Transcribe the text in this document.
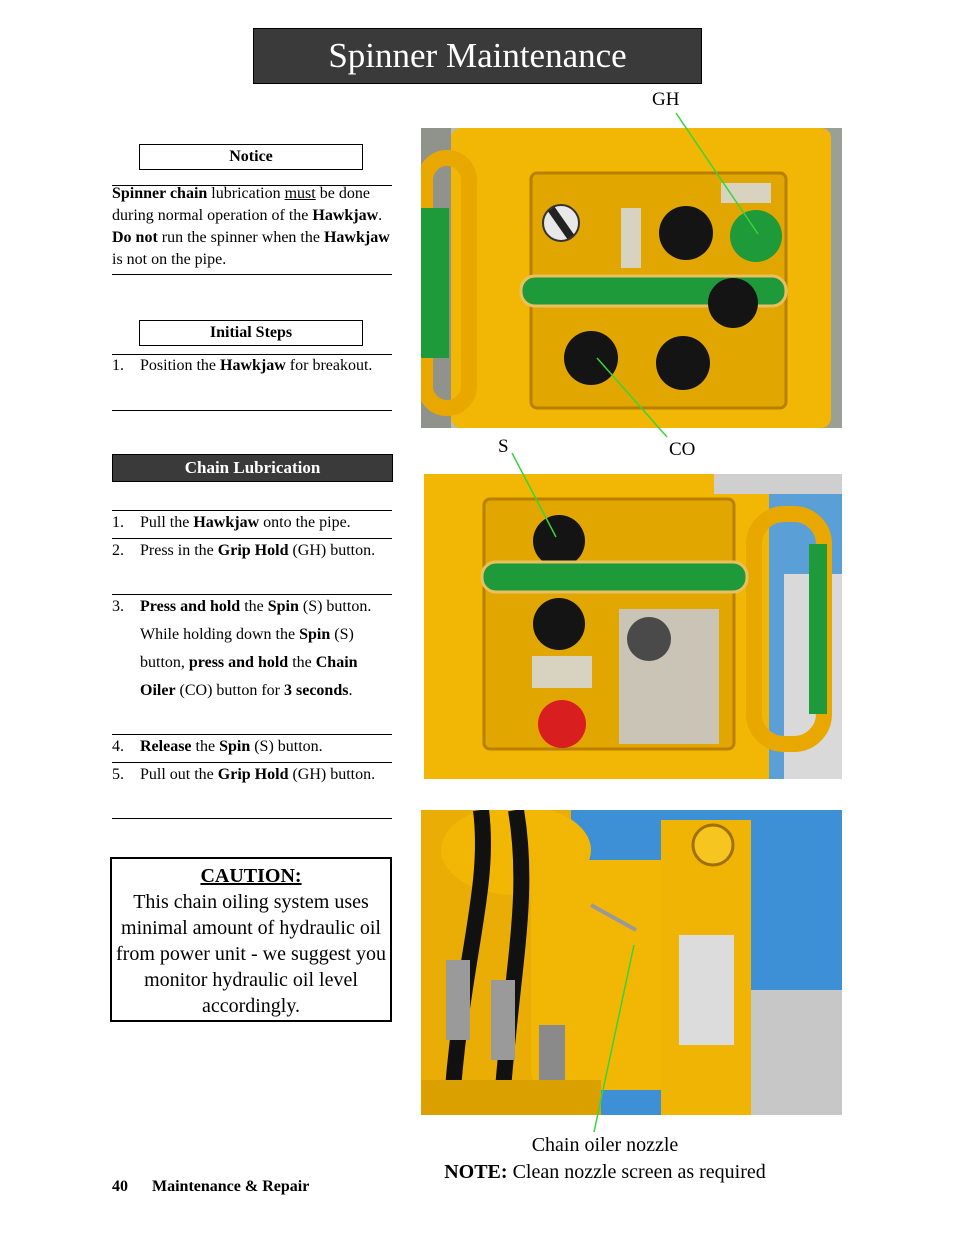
Spinner Maintenance
Notice
Spinner chain lubrication must be done during normal operation of the Hawkjaw. Do not run the spinner when the Hawkjaw is not on the pipe.
Initial Steps
1. Position the Hawkjaw for breakout.
Chain Lubrication
1. Pull the Hawkjaw onto the pipe.
2. Press in the Grip Hold (GH) button.
3. Press and hold the Spin (S) button. While holding down the Spin (S) button, press and hold the Chain Oiler (CO) button for 3 seconds.
4. Release the Spin (S) button.
5. Pull out the Grip Hold (GH) button.
CAUTION:
This chain oiling system uses minimal amount of hydraulic oil from power unit - we suggest you monitor hydraulic oil level accordingly.
GH
S	CO
Chain oiler nozzle
NOTE: Clean nozzle screen as required
40 Maintenance & Repair
